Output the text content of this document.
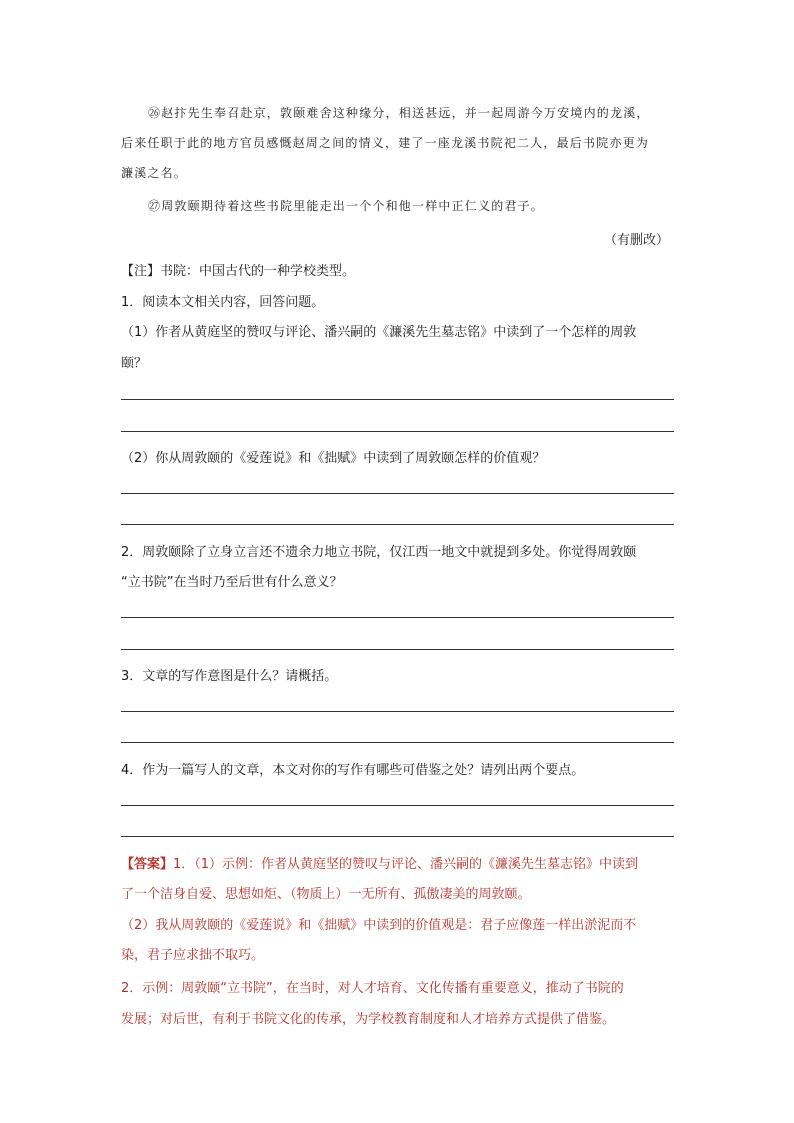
㉖赵抃先生奉召赴京，敦颐难舍这种缘分，相送甚远，并一起周游今万安境内的龙溪，
后来任职于此的地方官员感慨赵周之间的情义，建了一座龙溪书院祀二人，最后书院亦更为
濂溪之名。
㉗周敦颐期待着这些书院里能走出一个个和他一样中正仁义的君子。
（有删改）
【注】书院：中国古代的一种学校类型。
1．阅读本文相关内容，回答问题。
（1）作者从黄庭坚的赞叹与评论、潘兴嗣的《濂溪先生墓志铭》中读到了一个怎样的周敦
颐？
（2）你从周敦颐的《爱莲说》和《拙赋》中读到了周敦颐怎样的价值观？
2．周敦颐除了立身立言还不遗余力地立书院，仅江西一地文中就提到多处。你觉得周敦颐
“立书院”在当时乃至后世有什么意义？
3．文章的写作意图是什么？请概括。
4．作为一篇写人的文章，本文对你的写作有哪些可借鉴之处？请列出两个要点。
【答案】1．（1）示例：作者从黄庭坚的赞叹与评论、潘兴嗣的《濂溪先生墓志铭》中读到
了一个洁身自爱、思想如炬、（物质上）一无所有、孤傲凄美的周敦颐。
（2）我从周敦颐的《爱莲说》和《拙赋》中读到的价值观是：君子应像莲一样出淤泥而不
染，君子应求拙不取巧。
2．示例：周敦颐“立书院”，在当时，对人才培育、文化传播有重要意义，推动了书院的
发展；对后世，有利于书院文化的传承，为学校教育制度和人才培养方式提供了借鉴。
